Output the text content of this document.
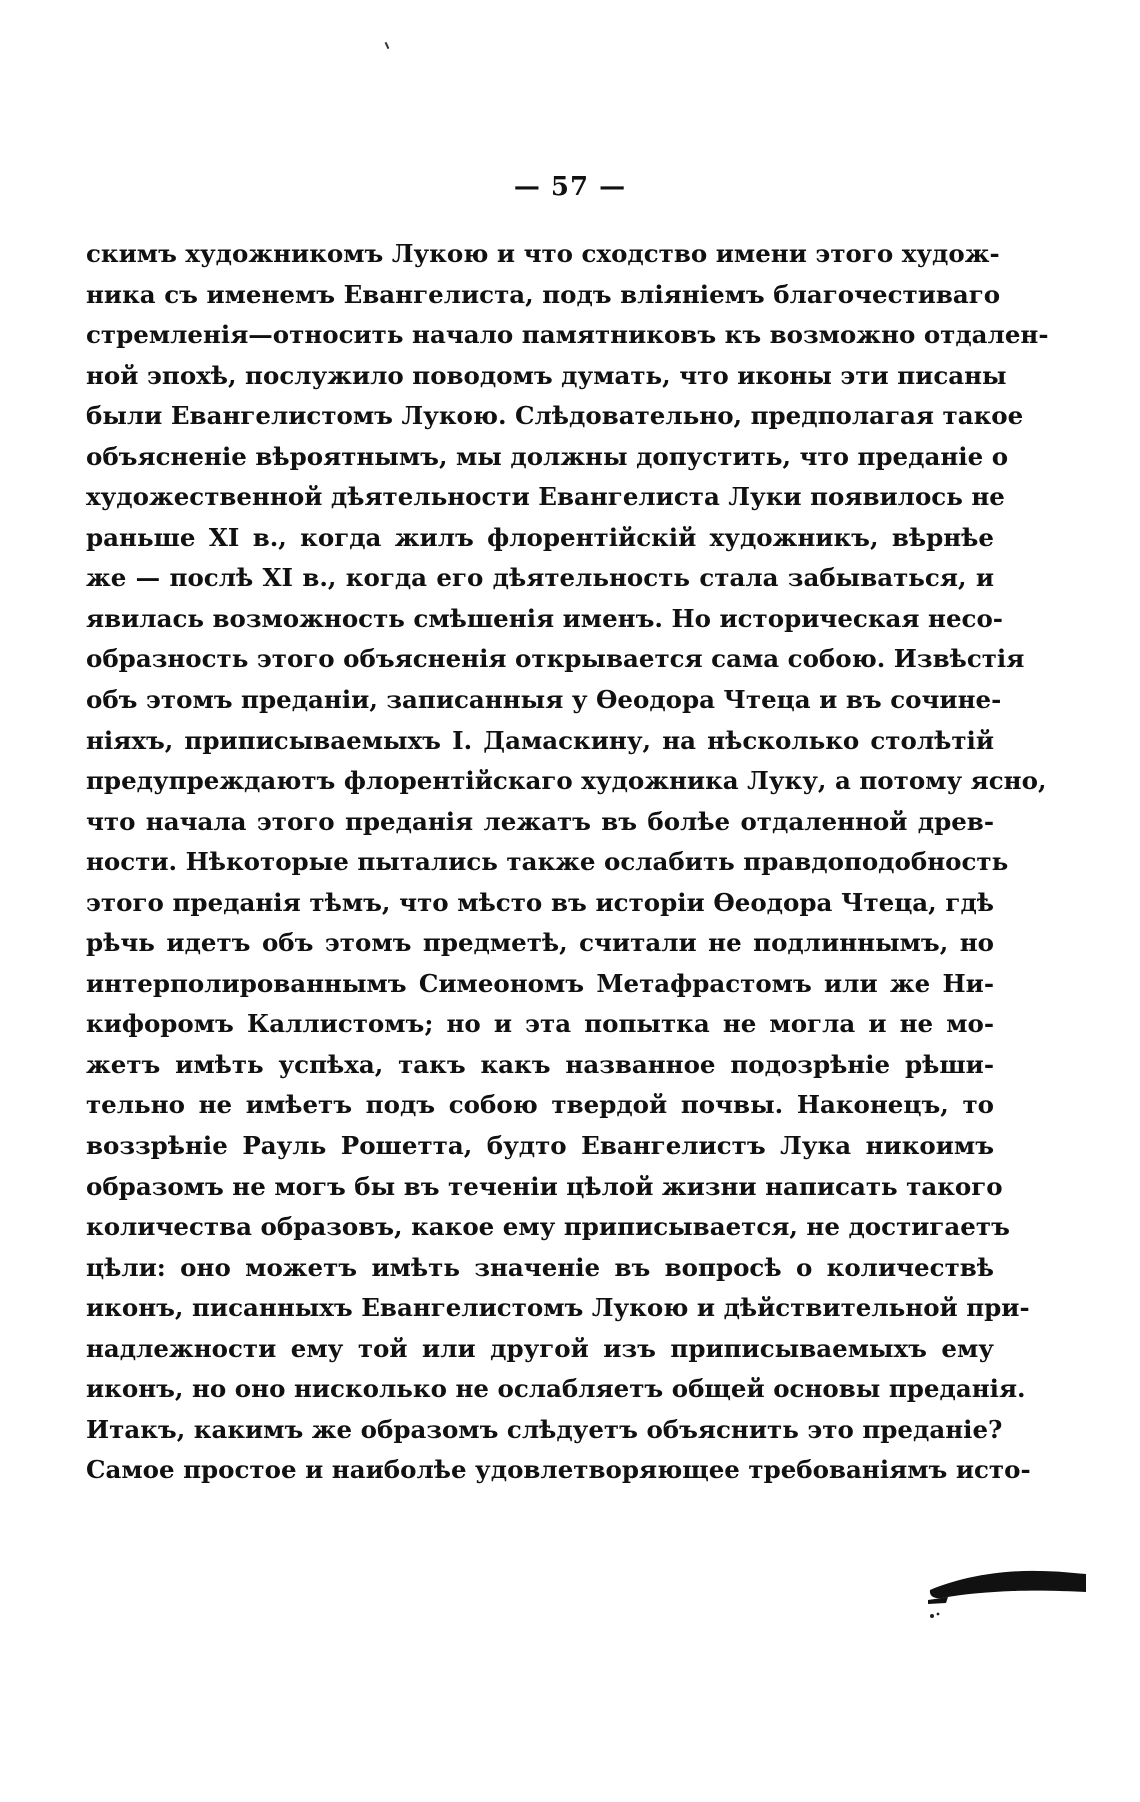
— 57 —
скимъ художникомъ Лукою и что сходство имени этого худож-
ника съ именемъ Евангелиста, подъ вліяніемъ благочестиваго
стремленія—относить начало памятниковъ къ возможно отдален-
ной эпохѣ, послужило поводомъ думать, что иконы эти писаны
были Евангелистомъ Лукою. Слѣдовательно, предполагая такое
объясненіе вѣроятнымъ, мы должны допустить, что преданіе о
художественной дѣятельности Евангелиста Луки появилось не
раньше XI в., когда жилъ флорентійскій художникъ, вѣрнѣе
же — послѣ XI в., когда его дѣятельность стала забываться, и
явилась возможность смѣшенія именъ. Но историческая несо-
образность этого объясненія открывается сама собою. Извѣстія
объ этомъ преданіи, записанныя у Ѳеодора Чтеца и въ сочине-
ніяхъ, приписываемыхъ І. Дамаскину, на нѣсколько столѣтій
предупреждаютъ флорентійскаго художника Луку, а потому ясно,
что начала этого преданія лежатъ въ болѣе отдаленной древ-
ности. Нѣкоторые пытались также ослабить правдоподобность
этого преданія тѣмъ, что мѣсто въ исторіи Ѳеодора Чтеца, гдѣ
рѣчь идетъ объ этомъ предметѣ, считали не подлиннымъ, но
интерполированнымъ Симеономъ Метафрастомъ или же Ни-
кифоромъ Каллистомъ; но и эта попытка не могла и не мо-
жетъ имѣть успѣха, такъ какъ названное подозрѣніе рѣши-
тельно не имѣетъ подъ собою твердой почвы. Наконецъ, то
воззрѣніе Рауль Рошетта, будто Евангелистъ Лука никоимъ
образомъ не могъ бы въ теченіи цѣлой жизни написать такого
количества образовъ, какое ему приписывается, не достигаетъ
цѣли: оно можетъ имѣть значеніе въ вопросѣ о количествѣ
иконъ, писанныхъ Евангелистомъ Лукою и дѣйствительной при-
надлежности ему той или другой изъ приписываемыхъ ему
иконъ, но оно нисколько не ослабляетъ общей основы преданія.
Итакъ, какимъ же образомъ слѣдуетъ объяснить это преданіе?
Самое простое и наиболѣе удовлетворяющее требованіямъ исто-
